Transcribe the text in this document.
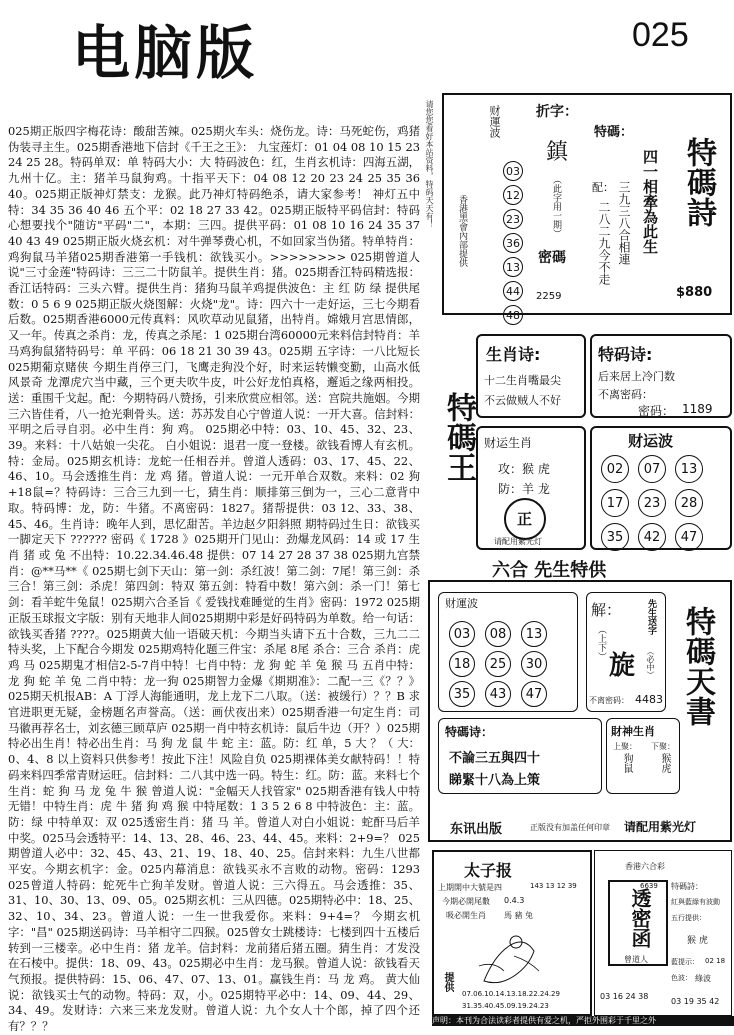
电脑版	025
025期正版四字梅花诗：酸甜苦辣。025期火车头：烧伤龙。诗：马死蛇伤，鸡猪伪装寻主生。025期香港地下信封《千王之王》： 九宝莲灯：01 04 08 10 15 23 24 25 28。特码单双：单 特码大小：大 特码波色：红，生肖玄机诗：四海五湖，九州十亿。主：猪羊马鼠狗鸡。十指平天下：04 08 12 20 23 24 25 35 36 40。025期正版神灯禁支：龙猴。此乃神灯特码绝杀，请大家参考！ 神灯五中特：34 35 36 40 46 五个平：02 18 27 33 42。025期正版特平码信封：特码心想要找个"随访"平码"二"，本期：三四。提供平码：01 08 10 16 24 35 37 40 43 49 025期正版火烧玄机：对牛弹琴费心机，不如回家当伪猪。特单特肖：鸡狗鼠马羊猪025期香港第一手钱机：欲钱买小。>>>>>>>> 025期曾道人说"三寸金莲"特码诗：三三二十防鼠羊。提供生肖：猪。025期香江特码精选报：香江话特码：三头六臂。提供生肖：猪狗马鼠羊鸡提供波色：主 红 防 绿 提供尾数：0 5 6 9 025期正版火烧图解：火烧"龙"。诗：四六十一走好运，三七今期看后数。025期香港6000元传真料：风吹草动见鼠猪，出特肖。嫦娥月宫思情郎，又一年。传真之杀肖：龙，传真之杀尾：1 025期台湾60000元来料信封特肖：羊马鸡狗鼠猪特码号：单 平码：06 18 21 30 39 43。025期 五字诗：一八比短长 025期葡京赌侠 今期生肖停三门，飞鹰走狗没个好，时来运转懒变勤，山高水低风景奇 龙潭虎穴当中藏，三个更夫吹牛皮，叶公好龙怕真格，邂逅之缘两相投。送：重围千戈起。配：今期特码八赞扬，引来欣赏应相邻。送：宫院共施姻。今期三六皆佳肴，八一抢光剩骨头。送：苏苏发自心宁曾道人说：一开大喜。信封料：平明之后寻自羽。必中生肖：狗 鸡。 025期必中特：03、10、45、32、23、39。来料：十八姑娘一尖花。 白小姐说：退君一度一登楼。欲钱看博人有玄机。 特：金局。025期玄机诗：龙蛇一任相吞并。曾道人透码：03、17、45、22、46、10。马会透推生肖：龙 鸡 猪。曾道人说：一元开单合双数。来料：02 狗+18鼠=？特码诗：三合三九到一七，猜生肖：顺排第三倒为一，三心二意背中取。特码博：龙，防：牛猪。不离密码：1827。猪帮提供：03 12、33、38、45、46。生肖诗：晚年人到，思忆甜苦。羊边赵夕阳斜照 期特码过生日：欲钱买一脚定天下 ?????? 密码《 1728 》025期开门见山：劲爆龙风码：14 或 17 生肖 猪 或 兔 不出特：10.22.34.46.48 提供：07 14 27 28 37 38 025期九宫禁肖：@**马**《 025期七剑下天山：第一剑：杀红波！第二剑：7尾！第三剑：杀三合！第三剑：杀虎！第四剑：特双 第五剑：特看中数！第六剑：杀一门！第七剑：看羊蛇牛兔鼠！025期六合圣旨《 爱钱找难睡觉的生肖》密码：1972 025期正版玉球报文字版：别有天地非人间025期期中彩是好码特码为单数。给一句话：欲钱买香猪 ????。025期黄大仙一语破天机：今期当头请下五十合数，三九二二 特头奖，上下配合今期发 025期鸡特化题三件宝：杀尾 8尾 杀合：三合 杀肖：虎 鸡 马 025期鬼才相信2-5-7肖中特！七肖中特：龙 狗 蛇 羊 兔 猴 马 五肖中特：龙 狗 蛇 羊 兔 二肖中特：龙一狗 025期智力金爆《期期准》：二配一三《？？》025期天机报AB：A 丁浮人海能通明，龙上龙下二八取。（送：被缓行）？？B 求官进职更无疑，金榜题名声誉高。（送：画伏夜出来）025期香港一句定生肖：司马徽再荐名士，刘玄德三顾草庐 025期一肖中特玄机诗：鼠后牛边（开？）025期特必出生肖！特必出生肖：马 狗 龙 鼠 牛 蛇 主：蓝。防：红 单，5 大 ？（ 大：0、4、8 以上资料只供参考！按此下注！风险自负 025期裸体美女献特码！！特码来料四季常青财运旺。信封料：二八其中选一码。特生：红。防：蓝。来料七个生肖：蛇 狗 马 龙 兔 牛 猴 曾道人说："金幅天人找管家" 025期香港有钱人中特无错！中特生肖：虎 牛 猪 狗 鸡 猴 中特尾数：1 3 5 2 6 8 中特波色：主：蓝。防：绿 中特单双：双 025透密生肖：猪 马 羊。曾道人对白小姐说：蛇酐马后羊中奖。025马会透特平：14、13、28、46、23、44、45。来料：2+9=？ 025期曾道人必中：32、45、43、21、19、18、40、25。信封来料：九生八世都平安。今期玄机字：金。025内幕消息：欲钱买永不言败的动物。密码：1293 025曾道人特码：蛇死牛亡狗羊发财。曾道人说：三六得五。马会透推：35、31、10、30、13、09、05。025期玄机：三从四德。025期特必中：18、25、32、10、34、23。曾道人说：一生一世我爱你。来料：9+4=？ 今期玄机字："昌" 025期送码诗：马羊相守二四猴。025曾女士跳楼诗：七楼到四十五楼后转到一三楼幸。必中生肖：猪 龙羊。信封料：龙前猪后猪五圈。猜生肖：才发没在石棱中。提供：18、09、43。025期必中生肖：龙马猴。曾道人说：欲钱看天气预报。提供特码：15、06、47、07、13、01。赢钱生肖：马 龙 鸡。 黄大仙说：欲钱买士气的动物。特码：双，小。025期特平必中：14、09、44、29、34、49。发财诗：六来三来龙发财。曾道人说：九个女人十个郎，掉了四个还有？？？
请您您看好本站资料，特码天天有！	财運波
03 12 23 36 13 44 48
香港黑會內部提供
折字：
鎮
（此字用一期）
密碼
2259
特碼：
配： 四一相牽為此生
三九三八合相連
二八二九今不走
特碼詩
$880
特碼王
生肖诗:
十二生肖嘴最尖
不云做贼人不好
特码诗:
后来居上冷门数
不离密码：
密码： 1189
财运生肖
攻：猴 虎
防：羊 龙
正
请配用紫光灯
财运波
02 07 13 17 23 28 35 42 47
六合 先生特供
财運波
03 08 13 18 25 30 35 43 47
解：
（上下）
旋
先生送字
（必中）
不离密码： 4483 特碼天書
特碼诗：
不論三五與四十
睇緊十八為上策
財神生肖
上聚：
狗鼠
下聚：
猴虎
东讯出版	正版没有加盖任何印章 请配用紫光灯
太子报
上期開中大號是四	143 13 12 39
今期必開尾數 0.4.3
吸必開生肖 馬 豬 兔
提供
07.06.10.14.13.18.22.24.29
31.35.40.45.09.19.24.23
香港六合彩
特碼詩：
紅與藍綠有波動
五行提供：
猴 虎
藍提示： 02 18
色波： 綠波
03 19 35 42
透密函
曾道人
6639
03 16 24 38
声明：本刊为合法读彩者提供有爱之机，严拒外围彩于千里之外
